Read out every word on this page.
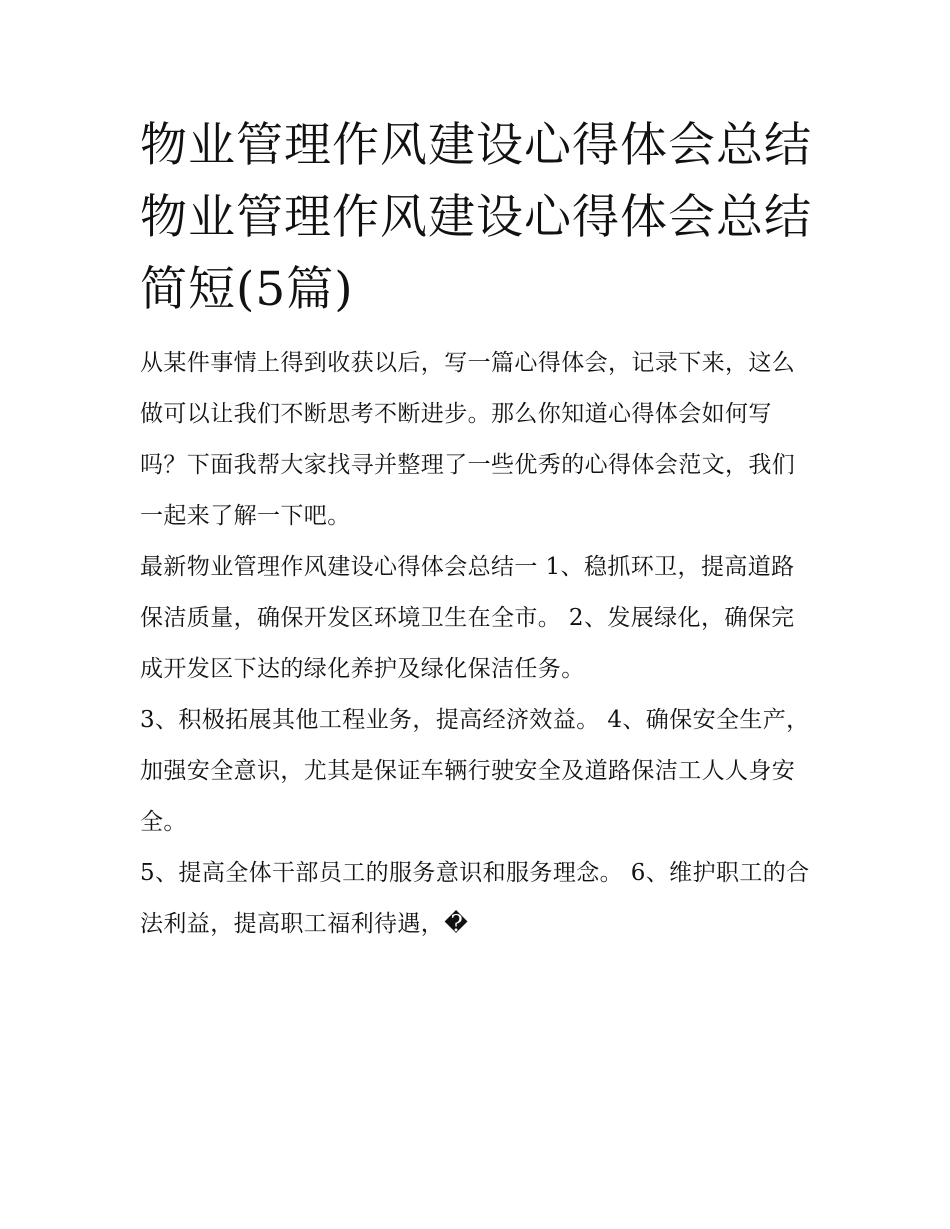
物业管理作风建设心得体会总结 物业管理作风建设心得体会总结简短(5篇)

从某件事情上得到收获以后，写一篇心得体会，记录下来，这么做可以让我们不断思考不断进步。那么你知道心得体会如何写吗？下面我帮大家找寻并整理了一些优秀的心得体会范文，我们一起来了解一下吧。

最新物业管理作风建设心得体会总结一 1、稳抓环卫，提高道路保洁质量，确保开发区环境卫生在全市。 2、发展绿化，确保完成开发区下达的绿化养护及绿化保洁任务。

3、积极拓展其他工程业务，提高经济效益。 4、确保安全生产，加强安全意识，尤其是保证车辆行驶安全及道路保洁工人人身安全。

5、提高全体干部员工的服务意识和服务理念。 6、维护职工的合法利益，提高职工福利待遇，�
